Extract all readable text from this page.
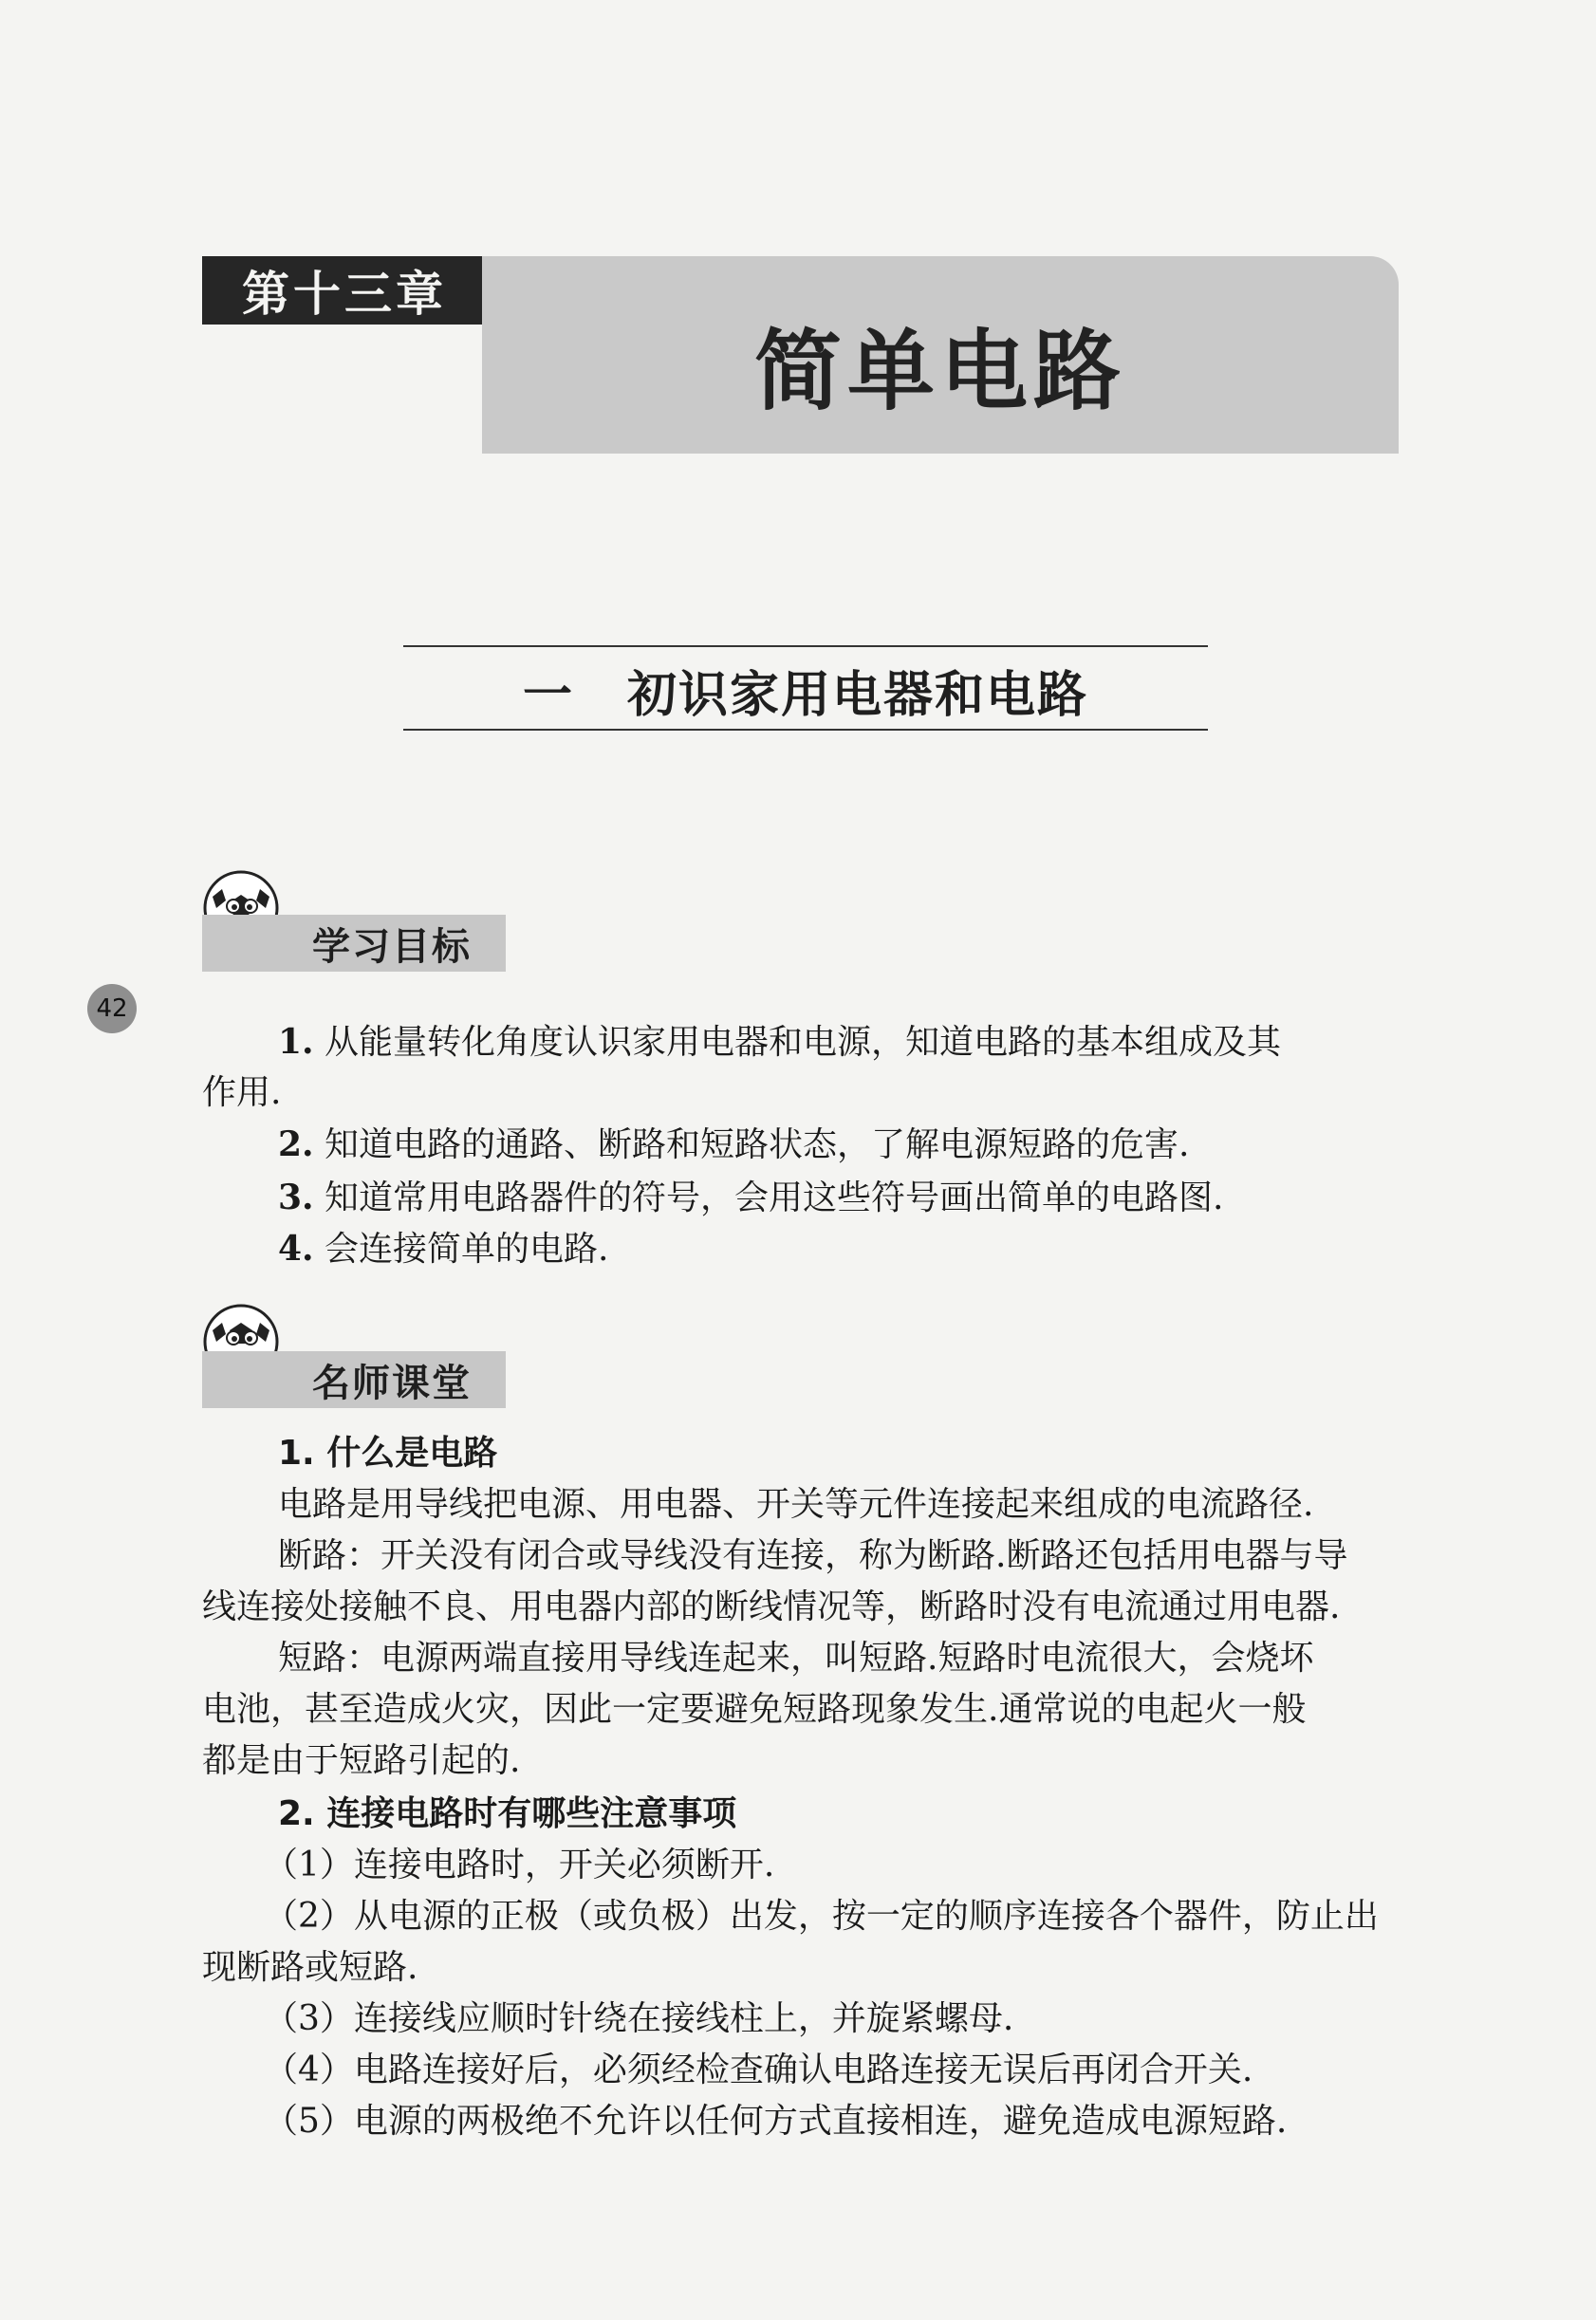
第十三章
简单电路
一 初识家用电器和电路
学习目标
42
1. 从能量转化角度认识家用电器和电源，知道电路的基本组成及其
作用.
2. 知道电路的通路、断路和短路状态，了解电源短路的危害.
3. 知道常用电路器件的符号，会用这些符号画出简单的电路图.
4. 会连接简单的电路.
名师课堂
1. 什么是电路
电路是用导线把电源、用电器、开关等元件连接起来组成的电流路径.
断路：开关没有闭合或导线没有连接，称为断路.断路还包括用电器与导
线连接处接触不良、用电器内部的断线情况等，断路时没有电流通过用电器.
短路：电源两端直接用导线连起来，叫短路.短路时电流很大，会烧坏
电池，甚至造成火灾，因此一定要避免短路现象发生.通常说的电起火一般
都是由于短路引起的.
2. 连接电路时有哪些注意事项
（1）连接电路时，开关必须断开.
（2）从电源的正极（或负极）出发，按一定的顺序连接各个器件，防止出
现断路或短路.
（3）连接线应顺时针绕在接线柱上，并旋紧螺母.
（4）电路连接好后，必须经检查确认电路连接无误后再闭合开关.
（5）电源的两极绝不允许以任何方式直接相连，避免造成电源短路.
